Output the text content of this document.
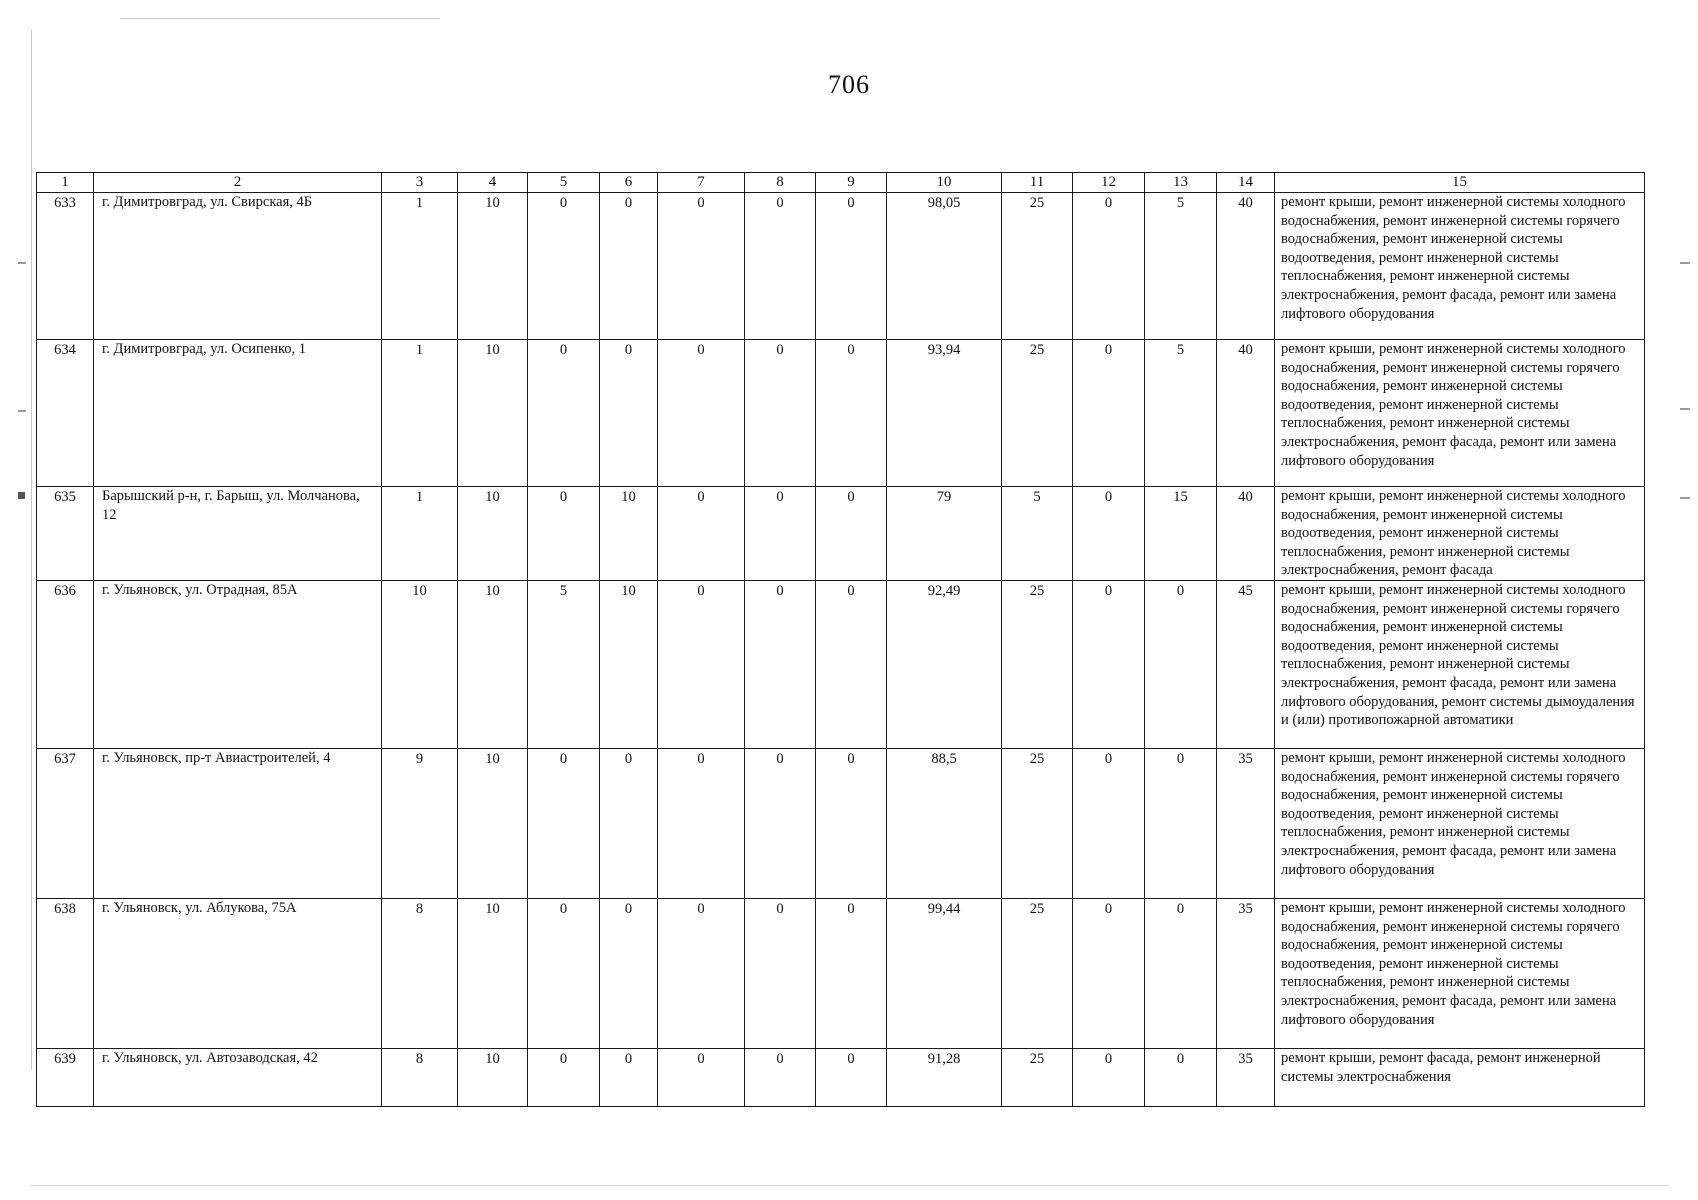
706
1	2	3	4	5	6	7	8	9	10	11	12	13	14	15
633	г. Димитровград, ул. Свирская, 4Б	1	10	0	0	0	0	0	98,05	25	0	5	40	ремонт крыши, ремонт инженерной системы холодного водоснабжения, ремонт инженерной системы горячего водоснабжения, ремонт инженерной системы водоотведения, ремонт инженерной системы теплоснабжения, ремонт инженерной системы электроснабжения, ремонт фасада, ремонт или замена лифтового оборудования
634	г. Димитровград, ул. Осипенко, 1	1	10	0	0	0	0	0	93,94	25	0	5	40	ремонт крыши, ремонт инженерной системы холодного водоснабжения, ремонт инженерной системы горячего водоснабжения, ремонт инженерной системы водоотведения, ремонт инженерной системы теплоснабжения, ремонт инженерной системы электроснабжения, ремонт фасада, ремонт или замена лифтового оборудования
635	Барышский р-н, г. Барыш, ул. Молчанова, 12	1	10	0	10	0	0	0	79	5	0	15	40	ремонт крыши, ремонт инженерной системы холодного водоснабжения, ремонт инженерной системы водоотведения, ремонт инженерной системы теплоснабжения, ремонт инженерной системы электроснабжения, ремонт фасада
636	г. Ульяновск, ул. Отрадная, 85А	10	10	5	10	0	0	0	92,49	25	0	0	45	ремонт крыши, ремонт инженерной системы холодного водоснабжения, ремонт инженерной системы горячего водоснабжения, ремонт инженерной системы водоотведения, ремонт инженерной системы теплоснабжения, ремонт инженерной системы электроснабжения, ремонт фасада, ремонт или замена лифтового оборудования, ремонт системы дымоудаления и (или) противопожарной автоматики
637	г. Ульяновск, пр-т Авиастроителей, 4	9	10	0	0	0	0	0	88,5	25	0	0	35	ремонт крыши, ремонт инженерной системы холодного водоснабжения, ремонт инженерной системы горячего водоснабжения, ремонт инженерной системы водоотведения, ремонт инженерной системы теплоснабжения, ремонт инженерной системы электроснабжения, ремонт фасада, ремонт или замена лифтового оборудования
638	г. Ульяновск, ул. Аблукова, 75А	8	10	0	0	0	0	0	99,44	25	0	0	35	ремонт крыши, ремонт инженерной системы холодного водоснабжения, ремонт инженерной системы горячего водоснабжения, ремонт инженерной системы водоотведения, ремонт инженерной системы теплоснабжения, ремонт инженерной системы электроснабжения, ремонт фасада, ремонт или замена лифтового оборудования
639	г. Ульяновск, ул. Автозаводская, 42	8	10	0	0	0	0	0	91,28	25	0	0	35	ремонт крыши, ремонт фасада, ремонт инженерной системы электроснабжения
